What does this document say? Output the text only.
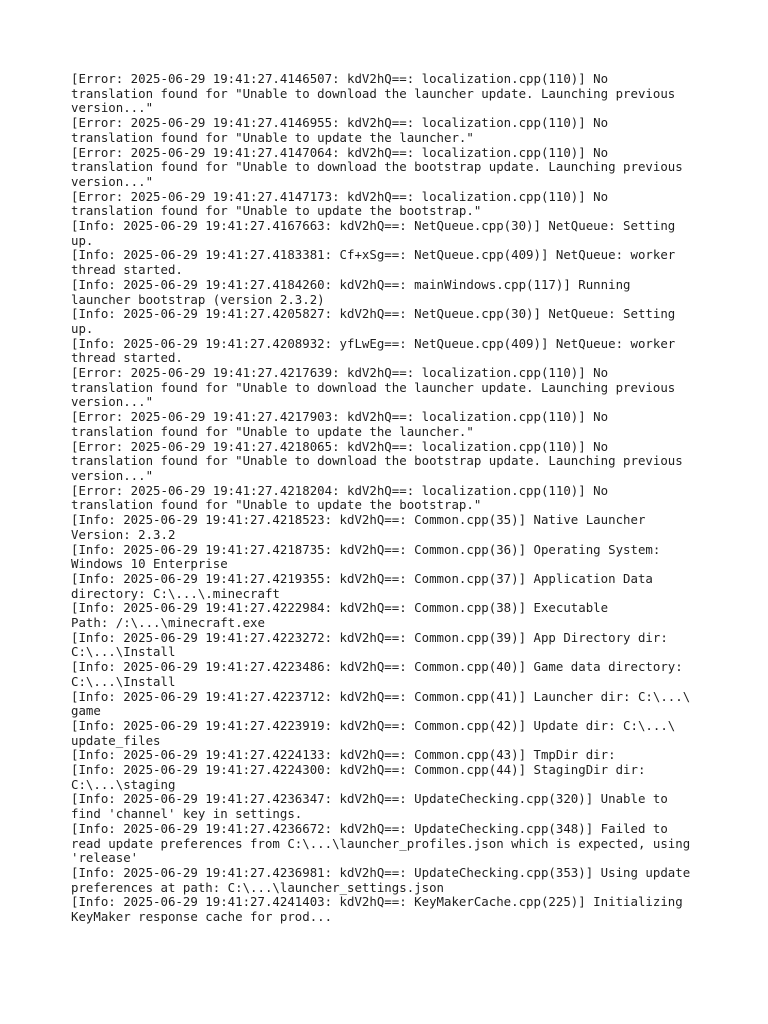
[Error: 2025-06-29 19:41:27.4146507: kdV2hQ==: localization.cpp(110)] No
translation found for "Unable to download the launcher update. Launching previous
version..."
[Error: 2025-06-29 19:41:27.4146955: kdV2hQ==: localization.cpp(110)] No
translation found for "Unable to update the launcher."
[Error: 2025-06-29 19:41:27.4147064: kdV2hQ==: localization.cpp(110)] No
translation found for "Unable to download the bootstrap update. Launching previous
version..."
[Error: 2025-06-29 19:41:27.4147173: kdV2hQ==: localization.cpp(110)] No
translation found for "Unable to update the bootstrap."
[Info: 2025-06-29 19:41:27.4167663: kdV2hQ==: NetQueue.cpp(30)] NetQueue: Setting
up.
[Info: 2025-06-29 19:41:27.4183381: Cf+xSg==: NetQueue.cpp(409)] NetQueue: worker
thread started.
[Info: 2025-06-29 19:41:27.4184260: kdV2hQ==: mainWindows.cpp(117)] Running
launcher bootstrap (version 2.3.2)
[Info: 2025-06-29 19:41:27.4205827: kdV2hQ==: NetQueue.cpp(30)] NetQueue: Setting
up.
[Info: 2025-06-29 19:41:27.4208932: yfLwEg==: NetQueue.cpp(409)] NetQueue: worker
thread started.
[Error: 2025-06-29 19:41:27.4217639: kdV2hQ==: localization.cpp(110)] No
translation found for "Unable to download the launcher update. Launching previous
version..."
[Error: 2025-06-29 19:41:27.4217903: kdV2hQ==: localization.cpp(110)] No
translation found for "Unable to update the launcher."
[Error: 2025-06-29 19:41:27.4218065: kdV2hQ==: localization.cpp(110)] No
translation found for "Unable to download the bootstrap update. Launching previous
version..."
[Error: 2025-06-29 19:41:27.4218204: kdV2hQ==: localization.cpp(110)] No
translation found for "Unable to update the bootstrap."
[Info: 2025-06-29 19:41:27.4218523: kdV2hQ==: Common.cpp(35)] Native Launcher
Version: 2.3.2
[Info: 2025-06-29 19:41:27.4218735: kdV2hQ==: Common.cpp(36)] Operating System:
Windows 10 Enterprise
[Info: 2025-06-29 19:41:27.4219355: kdV2hQ==: Common.cpp(37)] Application Data
directory: C:\...\.minecraft
[Info: 2025-06-29 19:41:27.4222984: kdV2hQ==: Common.cpp(38)] Executable
Path: /:\...\minecraft.exe
[Info: 2025-06-29 19:41:27.4223272: kdV2hQ==: Common.cpp(39)] App Directory dir:
C:\...\Install
[Info: 2025-06-29 19:41:27.4223486: kdV2hQ==: Common.cpp(40)] Game data directory:
C:\...\Install
[Info: 2025-06-29 19:41:27.4223712: kdV2hQ==: Common.cpp(41)] Launcher dir: C:\...\
game
[Info: 2025-06-29 19:41:27.4223919: kdV2hQ==: Common.cpp(42)] Update dir: C:\...\
update_files
[Info: 2025-06-29 19:41:27.4224133: kdV2hQ==: Common.cpp(43)] TmpDir dir:
[Info: 2025-06-29 19:41:27.4224300: kdV2hQ==: Common.cpp(44)] StagingDir dir:
C:\...\staging
[Info: 2025-06-29 19:41:27.4236347: kdV2hQ==: UpdateChecking.cpp(320)] Unable to
find 'channel' key in settings.
[Info: 2025-06-29 19:41:27.4236672: kdV2hQ==: UpdateChecking.cpp(348)] Failed to
read update preferences from C:\...\launcher_profiles.json which is expected, using
'release'
[Info: 2025-06-29 19:41:27.4236981: kdV2hQ==: UpdateChecking.cpp(353)] Using update
preferences at path: C:\...\launcher_settings.json
[Info: 2025-06-29 19:41:27.4241403: kdV2hQ==: KeyMakerCache.cpp(225)] Initializing
KeyMaker response cache for prod...
